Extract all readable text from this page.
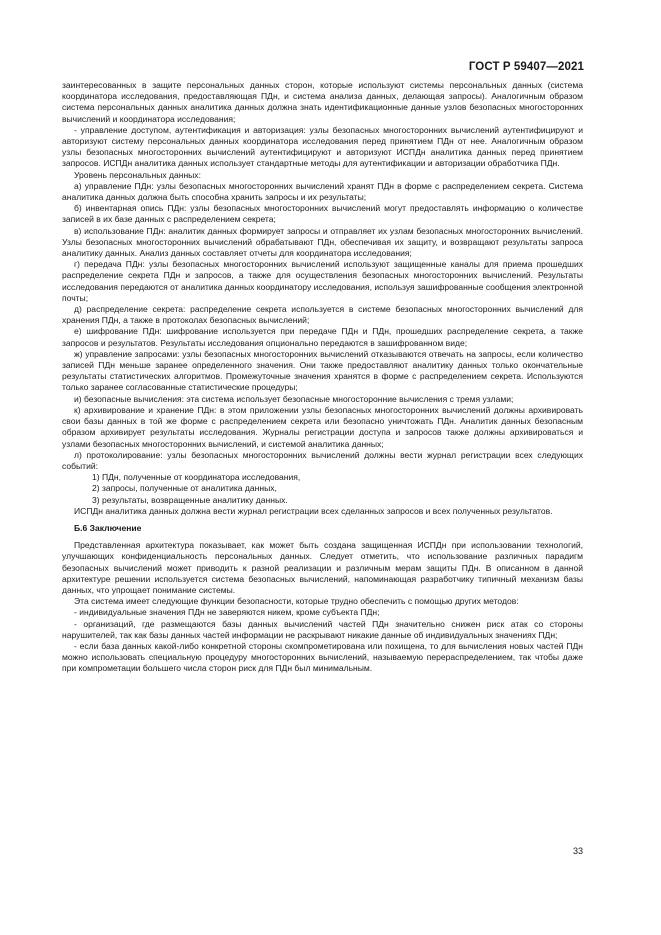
ГОСТ Р 59407—2021

заинтересованных в защите персональных данных сторон, которые используют системы персональных данных (система координатора исследования, предоставляющая ПДн, и система анализа данных, делающая запросы). Аналогичным образом система персональных данных аналитика данных должна знать идентификационные данные узлов безопасных многосторонних вычислений и координатора исследования;

- управление доступом, аутентификация и авторизация: узлы безопасных многосторонних вычислений аутентифицируют и авторизуют систему персональных данных координатора исследования перед принятием ПДн от нее. Аналогичным образом узлы безопасных многосторонних вычислений аутентифицируют и авторизуют ИСПДн аналитика данных перед принятием запросов. ИСПДн аналитика данных использует стандартные методы для аутентификации и авторизации обработчика ПДн.

Уровень персональных данных:

а) управление ПДн: узлы безопасных многосторонних вычислений хранят ПДн в форме с распределением секрета. Система аналитика данных должна быть способна хранить запросы и их результаты;

б) инвентарная опись ПДн: узлы безопасных многосторонних вычислений могут предоставлять информацию о количестве записей в их базе данных с распределением секрета;

в) использование ПДн: аналитик данных формирует запросы и отправляет их узлам безопасных многосторонних вычислений. Узлы безопасных многосторонних вычислений обрабатывают ПДн, обеспечивая их защиту, и возвращают результаты запроса аналитику данных. Анализ данных составляет отчеты для координатора исследования;

г) передача ПДн: узлы безопасных многосторонних вычислений используют защищенные каналы для приема прошедших распределение секрета ПДн и запросов, а также для осуществления безопасных многосторонних вычислений. Результаты исследования передаются от аналитика данных координатору исследования, используя зашифрованные сообщения электронной почты;

д) распределение секрета: распределение секрета используется в системе безопасных многосторонних вычислений для хранения ПДн, а также в протоколах безопасных вычислений;

е) шифрование ПДн: шифрование используется при передаче ПДн и ПДн, прошедших распределение секрета, а также запросов и результатов. Результаты исследования опционально передаются в зашифрованном виде;

ж) управление запросами: узлы безопасных многосторонних вычислений отказываются отвечать на запросы, если количество записей ПДн меньше заранее определенного значения. Они также предоставляют аналитику данных только окончательные результаты статистических алгоритмов. Промежуточные значения хранятся в форме с распределением секрета. Используются только заранее согласованные статистические процедуры;

и) безопасные вычисления: эта система использует безопасные многосторонние вычисления с тремя узлами;

к) архивирование и хранение ПДн: в этом приложении узлы безопасных многосторонних вычислений должны архивировать свои базы данных в той же форме с распределением секрета или безопасно уничтожать ПДн. Аналитик данных безопасным образом архивирует результаты исследования. Журналы регистрации доступа и запросов также должны архивироваться и узлами безопасных многосторонних вычислений, и системой аналитика данных;

л) протоколирование: узлы безопасных многосторонних вычислений должны вести журнал регистрации всех следующих событий:

1) ПДн, полученные от координатора исследования,

2) запросы, полученные от аналитика данных,

3) результаты, возвращенные аналитику данных.

ИСПДн аналитика данных должна вести журнал регистрации всех сделанных запросов и всех полученных результатов.

Б.6 Заключение

Представленная архитектура показывает, как может быть создана защищенная ИСПДн при использовании технологий, улучшающих конфиденциальность персональных данных. Следует отметить, что использование различных парадигм безопасных вычислений может приводить к разной реализации и различным мерам защиты ПДн. В описанном в данной архитектуре решении используется система безопасных вычислений, напоминающая разработчику типичный механизм базы данных, что упрощает понимание системы.

Эта система имеет следующие функции безопасности, которые трудно обеспечить с помощью других методов:

- индивидуальные значения ПДн не заверяются никем, кроме субъекта ПДн;

- организаций, где размещаются базы данных вычислений частей ПДн значительно снижен риск атак со стороны нарушителей, так как базы данных частей информации не раскрывают никакие данные об индивидуальных значениях ПДн;

- если база данных какой-либо конкретной стороны скомпрометирована или похищена, то для вычисления новых частей ПДн можно использовать специальную процедуру многосторонних вычислений, называемую перераспределением, так чтобы даже при компрометации большего числа сторон риск для ПДн был минимальным.

33
